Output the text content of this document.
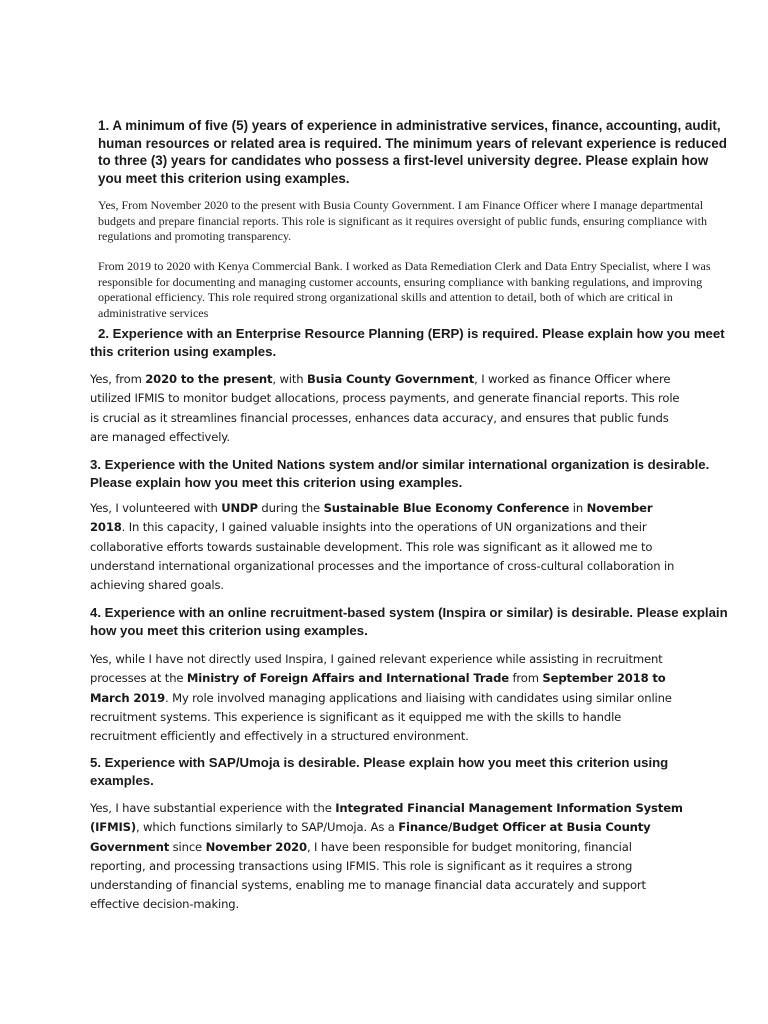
1. A minimum of five (5) years of experience in administrative services, finance, accounting, audit, human resources or related area is required. The minimum years of relevant experience is reduced to three (3) years for candidates who possess a first-level university degree. Please explain how you meet this criterion using examples.

Yes, From November 2020 to the present with Busia County Government. I am Finance Officer where I manage departmental budgets and prepare financial reports. This role is significant as it requires oversight of public funds, ensuring compliance with regulations and promoting transparency.

From 2019 to 2020 with Kenya Commercial Bank. I worked as Data Remediation Clerk and Data Entry Specialist, where I was responsible for documenting and managing customer accounts, ensuring compliance with banking regulations, and improving operational efficiency. This role required strong organizational skills and attention to detail, both of which are critical in administrative services

2. Experience with an Enterprise Resource Planning (ERP) is required. Please explain how you meet this criterion using examples.

Yes, from 2020 to the present, with Busia County Government, I worked as finance Officer where utilized IFMIS to monitor budget allocations, process payments, and generate financial reports. This role is crucial as it streamlines financial processes, enhances data accuracy, and ensures that public funds are managed effectively.

3. Experience with the United Nations system and/or similar international organization is desirable. Please explain how you meet this criterion using examples.

Yes, I volunteered with UNDP during the Sustainable Blue Economy Conference in November 2018. In this capacity, I gained valuable insights into the operations of UN organizations and their collaborative efforts towards sustainable development. This role was significant as it allowed me to understand international organizational processes and the importance of cross-cultural collaboration in achieving shared goals.

4. Experience with an online recruitment-based system (Inspira or similar) is desirable. Please explain how you meet this criterion using examples.

Yes, while I have not directly used Inspira, I gained relevant experience while assisting in recruitment processes at the Ministry of Foreign Affairs and International Trade from September 2018 to March 2019. My role involved managing applications and liaising with candidates using similar online recruitment systems. This experience is significant as it equipped me with the skills to handle recruitment efficiently and effectively in a structured environment.

5. Experience with SAP/Umoja is desirable. Please explain how you meet this criterion using examples.

Yes, I have substantial experience with the Integrated Financial Management Information System (IFMIS), which functions similarly to SAP/Umoja. As a Finance/Budget Officer at Busia County Government since November 2020, I have been responsible for budget monitoring, financial reporting, and processing transactions using IFMIS. This role is significant as it requires a strong understanding of financial systems, enabling me to manage financial data accurately and support effective decision-making.
